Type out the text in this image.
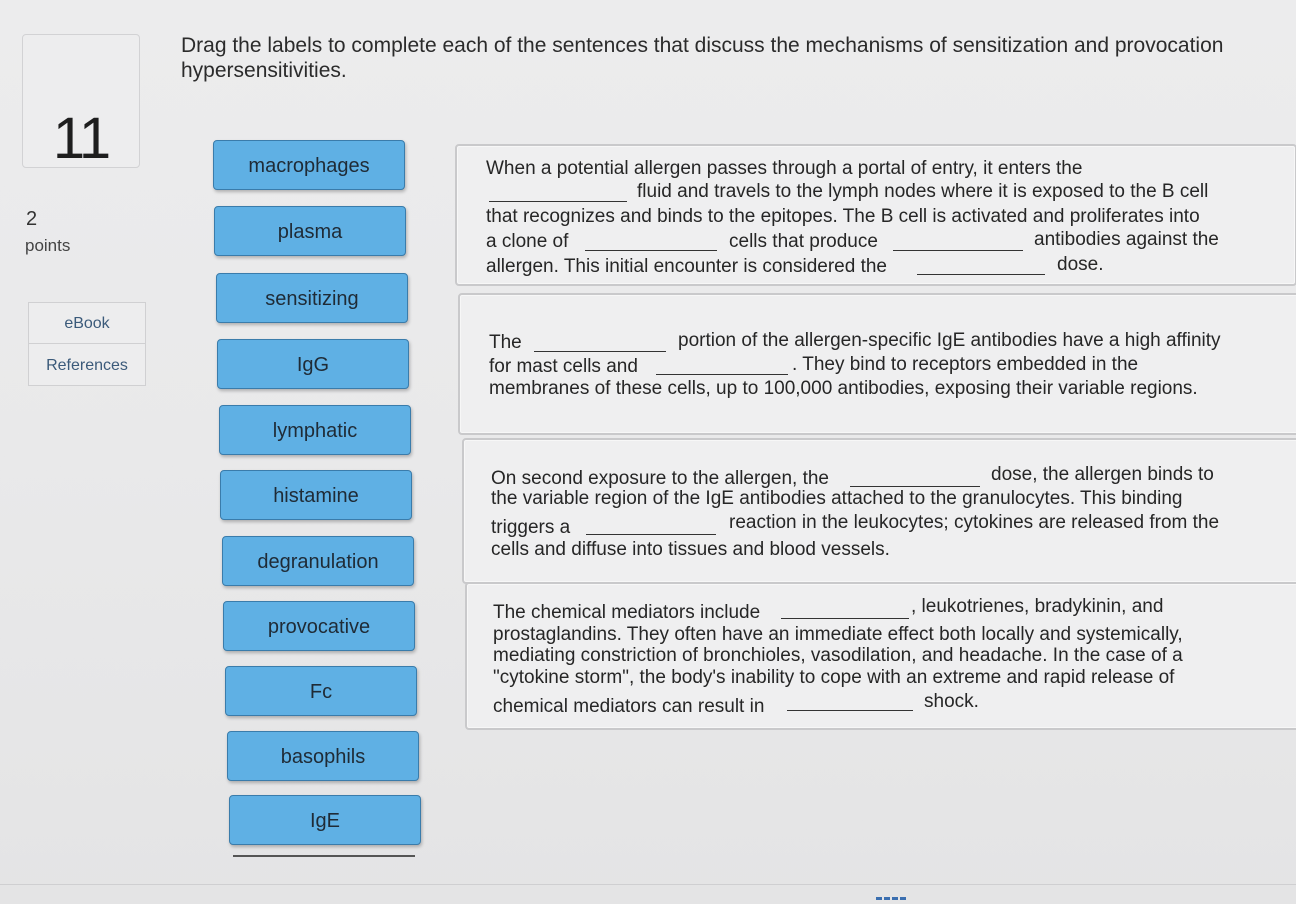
11
2
points
eBook
References
Drag the labels to complete each of the sentences that discuss the mechanisms of sensitization and provocation
hypersensitivities.
macrophages
plasma
sensitizing
IgG
lymphatic
histamine
degranulation
provocative
Fc
basophils
IgE
When a potential allergen passes through a portal of entry, it enters the
fluid and travels to the lymph nodes where it is exposed to the B cell
that recognizes and binds to the epitopes. The B cell is activated and proliferates into
a clone of	cells that produce	antibodies against the
allergen. This initial encounter is considered the	dose.
The	portion of the allergen-specific IgE antibodies have a high affinity
for mast cells and	. They bind to receptors embedded in the
membranes of these cells, up to 100,000 antibodies, exposing their variable regions.
On second exposure to the allergen, the	dose, the allergen binds to
the variable region of the IgE antibodies attached to the granulocytes. This binding
triggers a	reaction in the leukocytes; cytokines are released from the
cells and diffuse into tissues and blood vessels.
The chemical mediators include	, leukotrienes, bradykinin, and
prostaglandins. They often have an immediate effect both locally and systemically,
mediating constriction of bronchioles, vasodilation, and headache. In the case of a
"cytokine storm", the body's inability to cope with an extreme and rapid release of
chemical mediators can result in	shock.
